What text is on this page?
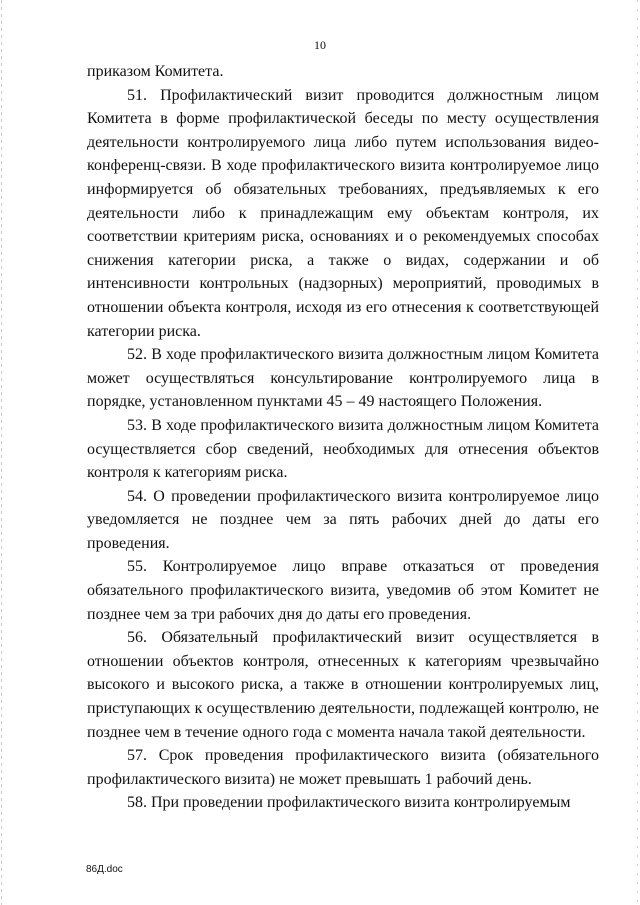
10

приказом Комитета.

51. Профилактический визит проводится должностным лицом Комитета в форме профилактической беседы по месту осуществления деятельности контролируемого лица либо путем использования видео-конференц-связи. В ходе профилактического визита контролируемое лицо информируется об обязательных требованиях, предъявляемых к его деятельности либо к принадлежащим ему объектам контроля, их соответствии критериям риска, основаниях и о рекомендуемых способах снижения категории риска, а также о видах, содержании и об интенсивности контрольных (надзорных) мероприятий, проводимых в отношении объекта контроля, исходя из его отнесения к соответствующей категории риска.

52. В ходе профилактического визита должностным лицом Комитета может осуществляться консультирование контролируемого лица в порядке, установленном пунктами 45 – 49 настоящего Положения.

53. В ходе профилактического визита должностным лицом Комитета осуществляется сбор сведений, необходимых для отнесения объектов контроля к категориям риска.

54. О проведении профилактического визита контролируемое лицо уведомляется не позднее чем за пять рабочих дней до даты его проведения.

55. Контролируемое лицо вправе отказаться от проведения обязательного профилактического визита, уведомив об этом Комитет не позднее чем за три рабочих дня до даты его проведения.

56. Обязательный профилактический визит осуществляется в отношении объектов контроля, отнесенных к категориям чрезвычайно высокого и высокого риска, а также в отношении контролируемых лиц, приступающих к осуществлению деятельности, подлежащей контролю, не позднее чем в течение одного года с момента начала такой деятельности.

57. Срок проведения профилактического визита (обязательного профилактического визита) не может превышать 1 рабочий день.

58. При проведении профилактического визита контролируемым

86Д.doc
